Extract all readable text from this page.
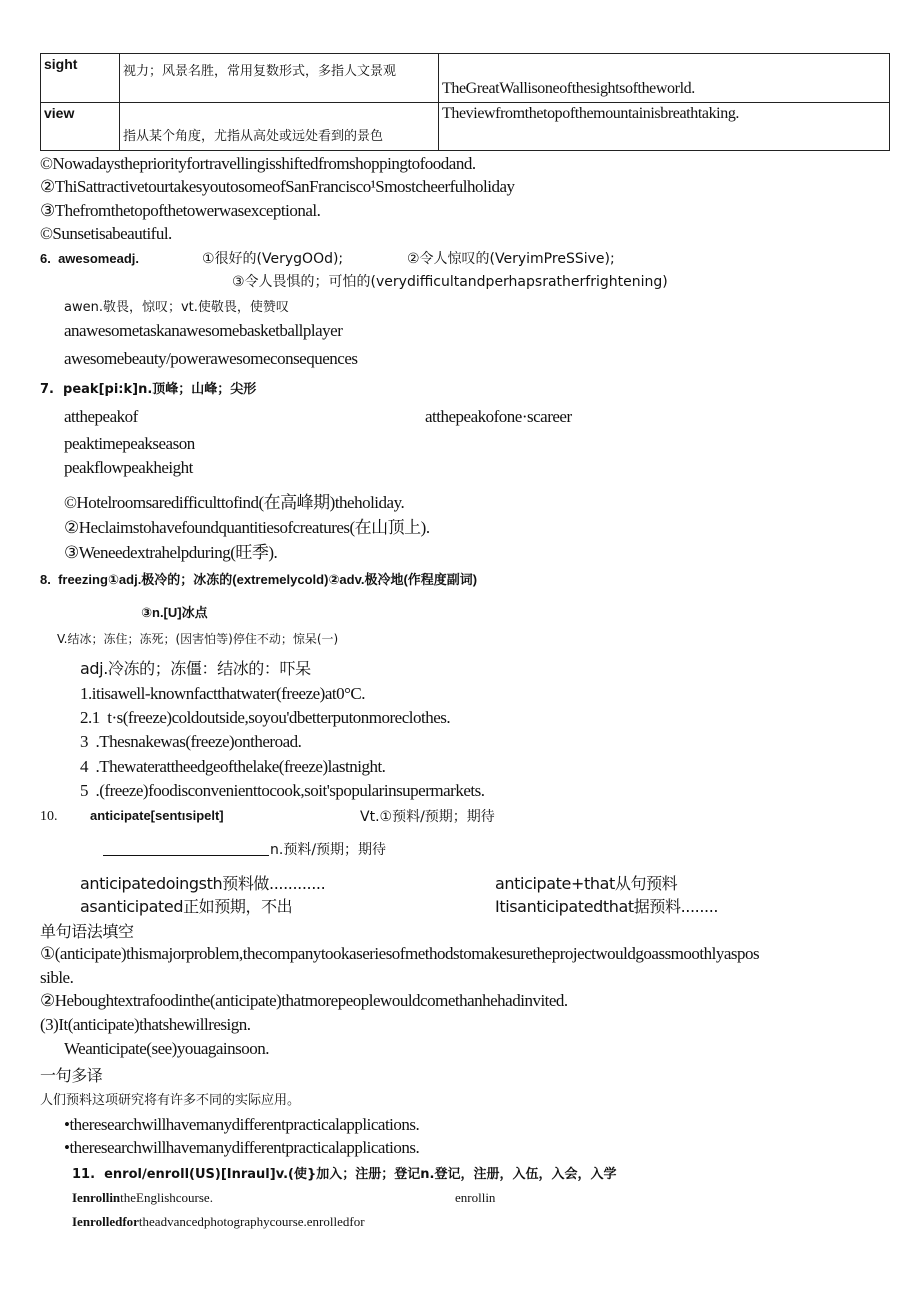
sight	视力；风景名胜，常用复数形式，多指人文景观	TheGreatWallisoneofthesightsoftheworld.
view	指从某个角度，尤指从高处或远处看到的景色	Theviewfromthetopofthemountainisbreathtaking.
©Nowadaysthepriorityfortravellingisshiftedfromshoppingtofoodand.
②ThiSattractivetourtakesyoutosomeofSanFrancisco¹Smostcheerfulholiday
③Thefromthetopofthetowerwasexceptional.
©Sunsetisabeautiful.
6.  awesomeadj.	①很好的(VerygOOd);	②令人惊叹的(VeryimPreSSive);
③令人畏惧的；可怕的(verydifficultandperhapsratherfrightening)
awen.敬畏，惊叹；vt.使敬畏，使赞叹
anawesometaskanawesomebasketballplayer
awesomebeauty/powerawesomeconsequences
7.  peak[pi:k]n.顶峰；山峰；尖形
atthepeakof	atthepeakofone·scareer
peaktimepeakseason
peakflowpeakheight
©Hotelroomsaredifficulttofind(在高峰期)theholiday.
②Heclaimstohavefoundquantitiesofcreatures(在山顶上).
③Weneedextrahelpduring(旺季).
8.  freezing①adj.极冷的；冰冻的(extremelycold)②adv.极冷地(作程度副词)
③n.[U]冰点
V.结冰；冻住；冻死；(因害怕等)停住不动；惊呆(一)
adj.冷冻的；冻僵：结冰的：吓呆
1.itisawell-knownfactthatwater(freeze)at0°C.
2.1  t·s(freeze)coldoutside,soyou'dbetterputonmoreclothes.
3  .Thesnakewas(freeze)ontheroad.
4  .Thewaterattheedgeofthelake(freeze)lastnight.
5  .(freeze)foodisconvenienttocook,soit'spopularinsupermarkets.
10.	anticipate[sentısipelt]	Vt.①预料/预期；期待
n.预料/预期；期待
anticipatedoingsth预料做............	anticipate+that从句预料
asanticipated正如预期，不出	Itisanticipatedthat据预料........
单句语法填空
①(anticipate)thismajorproblem,thecompanytookaseriesofmethodstomakesuretheprojectwouldgoassmoothlyaspos
sible.
②Heboughtextrafoodinthe(anticipate)thatmorepeoplewouldcomethanhehadinvited.
(3)It(anticipate)thatshewillresign.
Weanticipate(see)youagainsoon.
一句多译
人们预料这项研究将有许多不同的实际应用。
•theresearchwillhavemanydifferentpracticalapplications.
•theresearchwillhavemanydifferentpracticalapplications.
11.  enrol∕enroll(US)[Inraul]v.(使}加入；注册；登记n.登记，注册，入伍，入会，入学
IenrollintheEnglishcourse.	enrollin
Ienrolledfortheadvancedphotographycourse.enrolledfor
